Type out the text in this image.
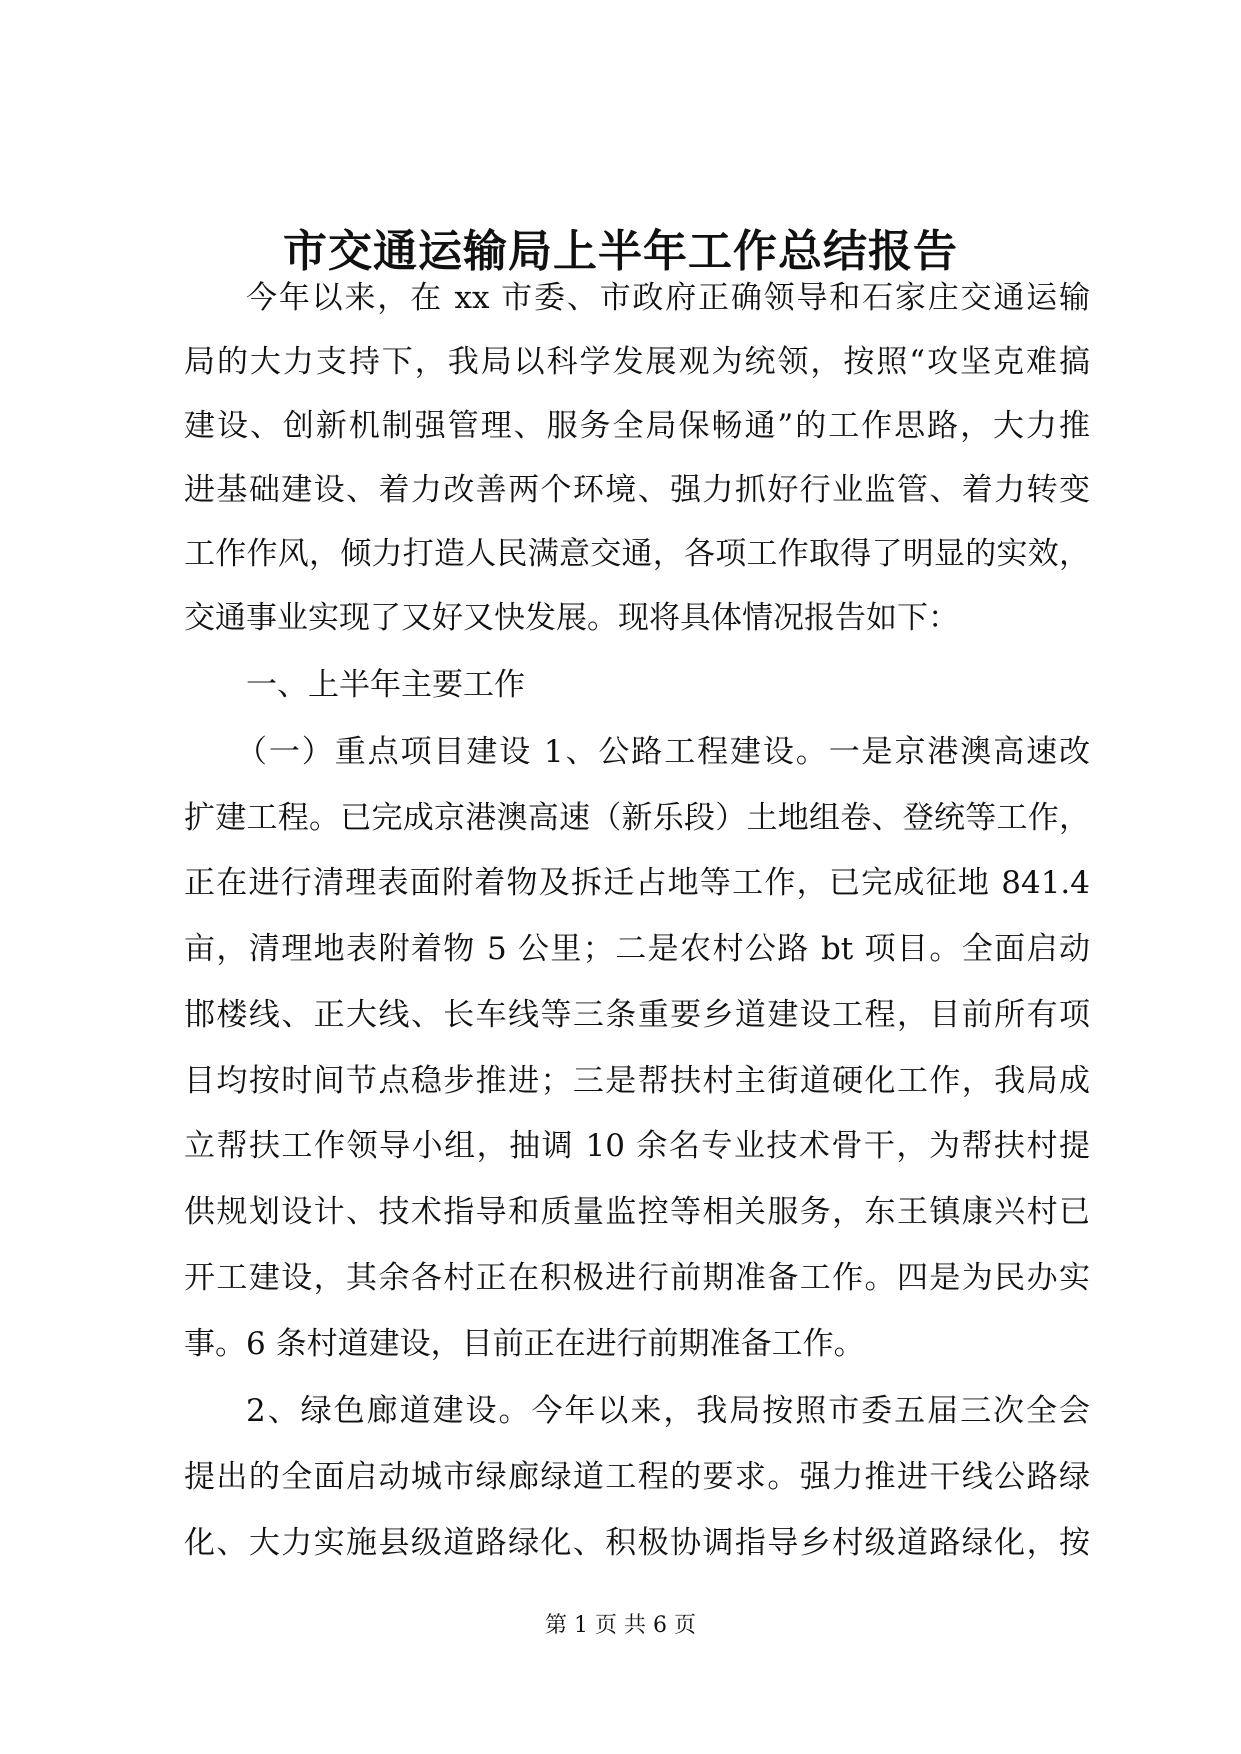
市交通运输局上半年工作总结报告
今年以来，在 xx 市委、市政府正确领导和石家庄交通运输
局的大力支持下，我局以科学发展观为统领，按照“攻坚克难搞
建设、创新机制强管理、服务全局保畅通”的工作思路，大力推
进基础建设、着力改善两个环境、强力抓好行业监管、着力转变
工作作风，倾力打造人民满意交通，各项工作取得了明显的实效，
交通事业实现了又好又快发展。现将具体情况报告如下：
一、上半年主要工作
（一）重点项目建设 1、公路工程建设。一是京港澳高速改
扩建工程。已完成京港澳高速（新乐段）土地组卷、登统等工作，
正在进行清理表面附着物及拆迁占地等工作，已完成征地 841.4
亩，清理地表附着物 5 公里；二是农村公路 bt 项目。全面启动
邯楼线、正大线、长车线等三条重要乡道建设工程，目前所有项
目均按时间节点稳步推进；三是帮扶村主街道硬化工作，我局成
立帮扶工作领导小组，抽调 10 余名专业技术骨干，为帮扶村提
供规划设计、技术指导和质量监控等相关服务，东王镇康兴村已
开工建设，其余各村正在积极进行前期准备工作。四是为民办实
事。6 条村道建设，目前正在进行前期准备工作。
2、绿色廊道建设。今年以来，我局按照市委五届三次全会
提出的全面启动城市绿廊绿道工程的要求。强力推进干线公路绿
化、大力实施县级道路绿化、积极协调指导乡村级道路绿化，按
第 1 页 共 6 页
